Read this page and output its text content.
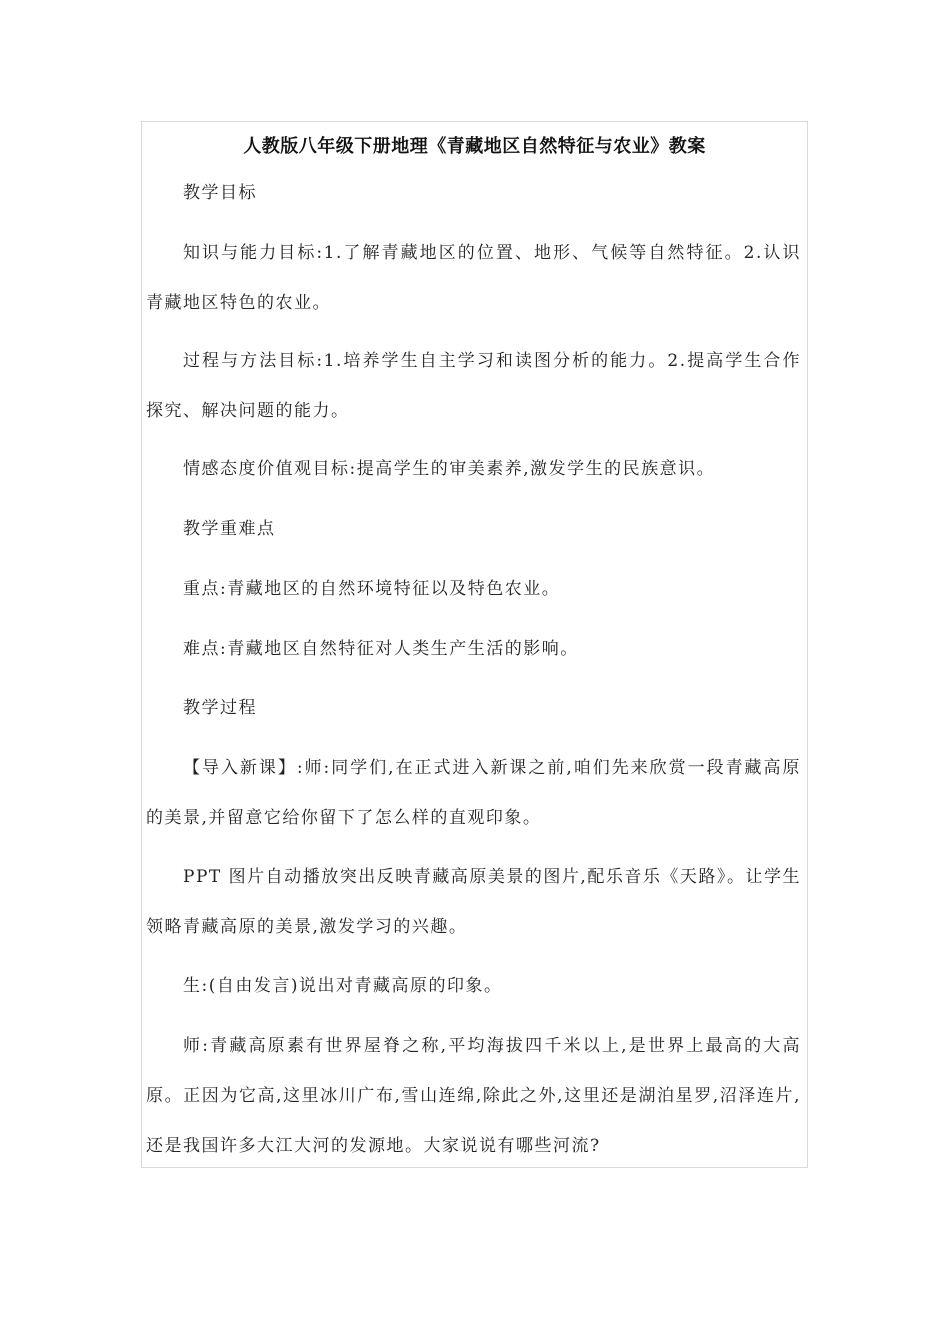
人教版八年级下册地理《青藏地区自然特征与农业》教案

教学目标

知识与能力目标:1.了解青藏地区的位置、地形、气候等自然特征。2.认识青藏地区特色的农业。

过程与方法目标:1.培养学生自主学习和读图分析的能力。2.提高学生合作探究、解决问题的能力。

情感态度价值观目标:提高学生的审美素养,激发学生的民族意识。

教学重难点

重点:青藏地区的自然环境特征以及特色农业。

难点:青藏地区自然特征对人类生产生活的影响。

教学过程

【导入新课】:师:同学们,在正式进入新课之前,咱们先来欣赏一段青藏高原的美景,并留意它给你留下了怎么样的直观印象。

PPT 图片自动播放突出反映青藏高原美景的图片,配乐音乐《天路》。让学生领略青藏高原的美景,激发学习的兴趣。

生:(自由发言)说出对青藏高原的印象。

师:青藏高原素有世界屋脊之称,平均海拔四千米以上,是世界上最高的大高原。正因为它高,这里冰川广布,雪山连绵,除此之外,这里还是湖泊星罗,沼泽连片,还是我国许多大江大河的发源地。大家说说有哪些河流?
